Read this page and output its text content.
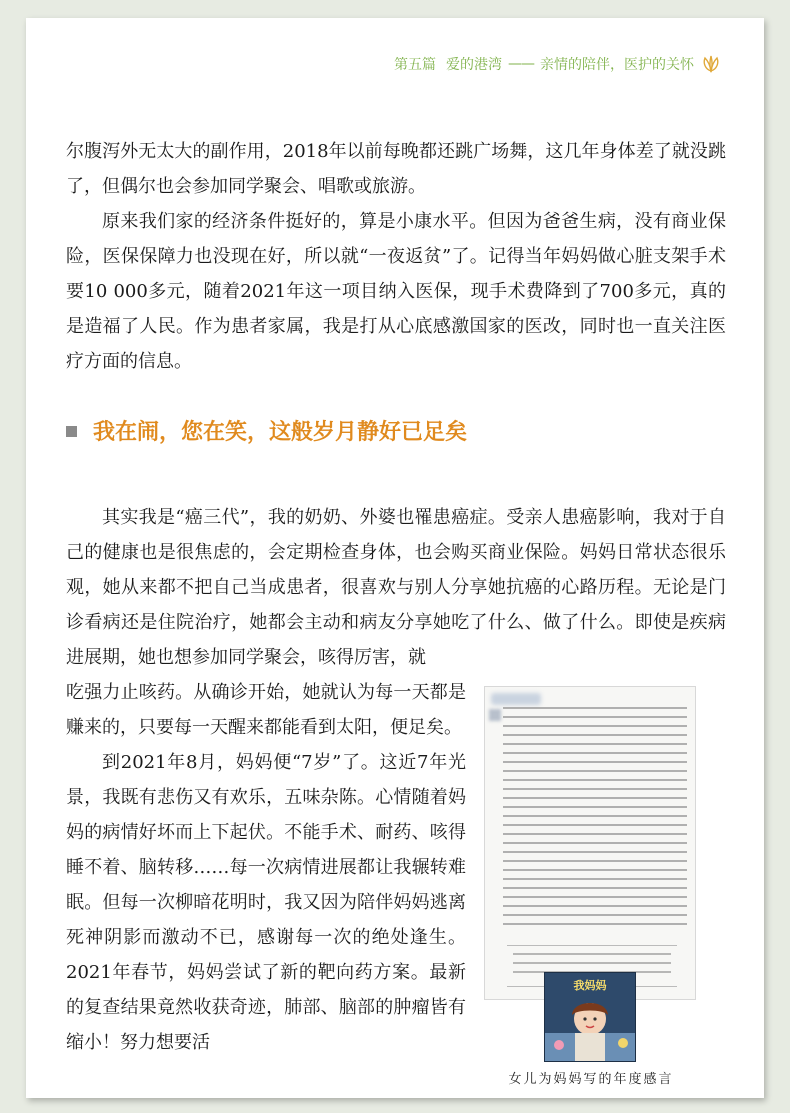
第五篇 爱的港湾 —— 亲情的陪伴，医护的关怀

尔腹泻外无太大的副作用，2018年以前每晚都还跳广场舞，这几年身体差了就没跳了，但偶尔也会参加同学聚会、唱歌或旅游。

原来我们家的经济条件挺好的，算是小康水平。但因为爸爸生病，没有商业保险，医保保障力也没现在好，所以就“一夜返贫”了。记得当年妈妈做心脏支架手术要10 000多元，随着2021年这一项目纳入医保，现手术费降到了700多元，真的是造福了人民。作为患者家属，我是打从心底感激国家的医改，同时也一直关注医疗方面的信息。

我在闹，您在笑，这般岁月静好已足矣

其实我是“癌三代”，我的奶奶、外婆也罹患癌症。受亲人患癌影响，我对于自己的健康也是很焦虑的，会定期检查身体，也会购买商业保险。妈妈日常状态很乐观，她从来都不把自己当成患者，很喜欢与别人分享她抗癌的心路历程。无论是门诊看病还是住院治疗，她都会主动和病友分享她吃了什么、做了什么。即使是疾病进展期，她也想参加同学聚会，咳得厉害，就

吃强力止咳药。从确诊开始，她就认为每一天都是赚来的，只要每一天醒来都能看到太阳，便足矣。

到2021年8月，妈妈便“7岁”了。这近7年光景，我既有悲伤又有欢乐，五味杂陈。心情随着妈妈的病情好坏而上下起伏。不能手术、耐药、咳得睡不着、脑转移……每一次病情进展都让我辗转难眠。但每一次柳暗花明时，我又因为陪伴妈妈逃离死神阴影而激动不已，感谢每一次的绝处逢生。2021年春节，妈妈尝试了新的靶向药方案。最新的复查结果竟然收获奇迹，肺部、脑部的肿瘤皆有缩小！努力想要活

我妈妈
女儿为妈妈写的年度感言
